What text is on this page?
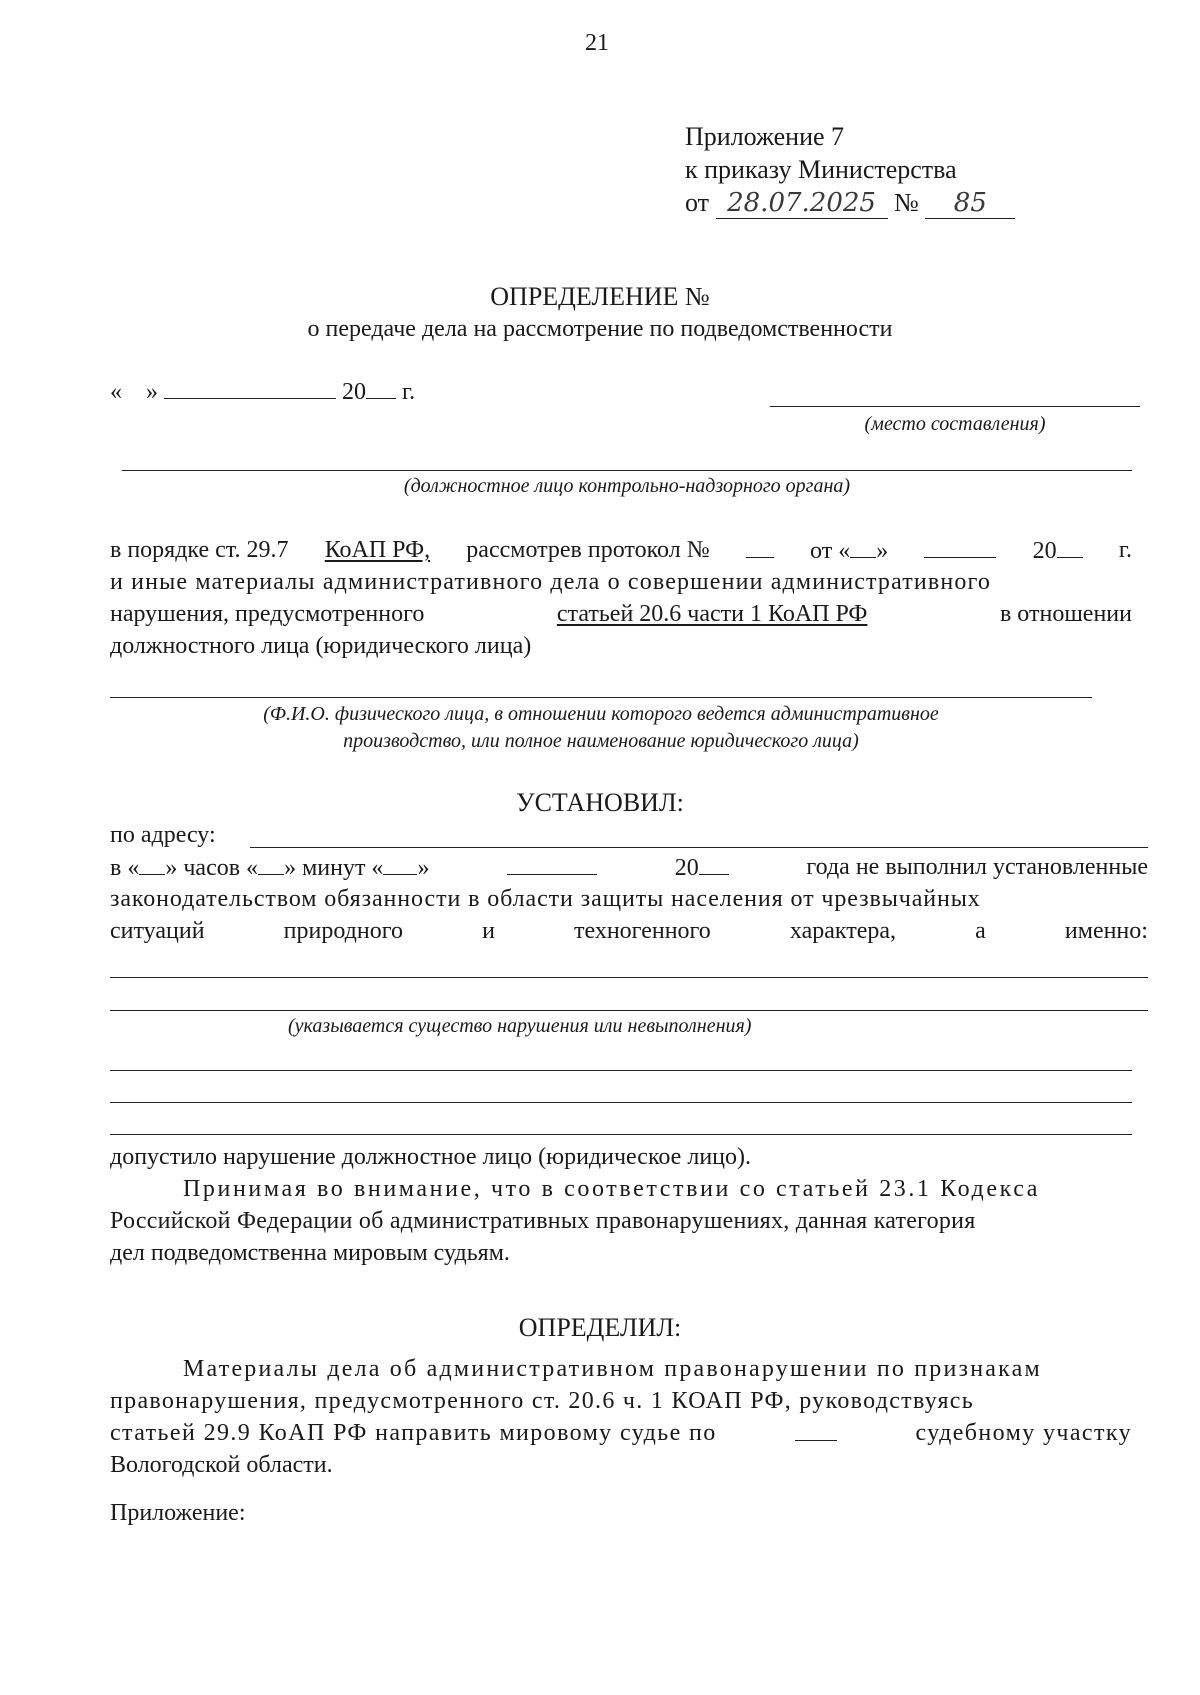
21
Приложение 7
к приказу Министерства
от 28.07.2025 № 85
ОПРЕДЕЛЕНИЕ №
о передаче дела на рассмотрение по подведомственности
« »	20 г.
(место составления)
(должностное лицо контрольно-надзорного органа)
в порядке ст. 29.7 КоАП РФ, рассмотрев протокол №	от « »	20	г.
и иные материалы административного дела о совершении административного
нарушения, предусмотренного	статьей 20.6 части 1 КоАП РФ	в отношении
должностного лица (юридического лица)
(Ф.И.О. физического лица, в отношении которого ведется административное
производство, или полное наименование юридического лица)
УСТАНОВИЛ:
по адресу:
в « » часов « » минут « »	20	года не выполнил установленные
законодательством обязанности в области защиты населения от чрезвычайных
ситуаций	природного	и	техногенного	характера,	а	именно:
(указывается существо нарушения или невыполнения)
допустило нарушение должностное лицо (юридическое лицо).
Принимая во внимание, что в соответствии со статьей 23.1 Кодекса
Российской Федерации об административных правонарушениях, данная категория
дел подведомственна мировым судьям.
ОПРЕДЕЛИЛ:
Материалы дела об административном правонарушении по признакам
правонарушения, предусмотренного ст. 20.6 ч. 1 КОАП РФ, руководствуясь
статьей 29.9 КоАП РФ направить мировому судье по	судебному участку
Вологодской области.
Приложение:
